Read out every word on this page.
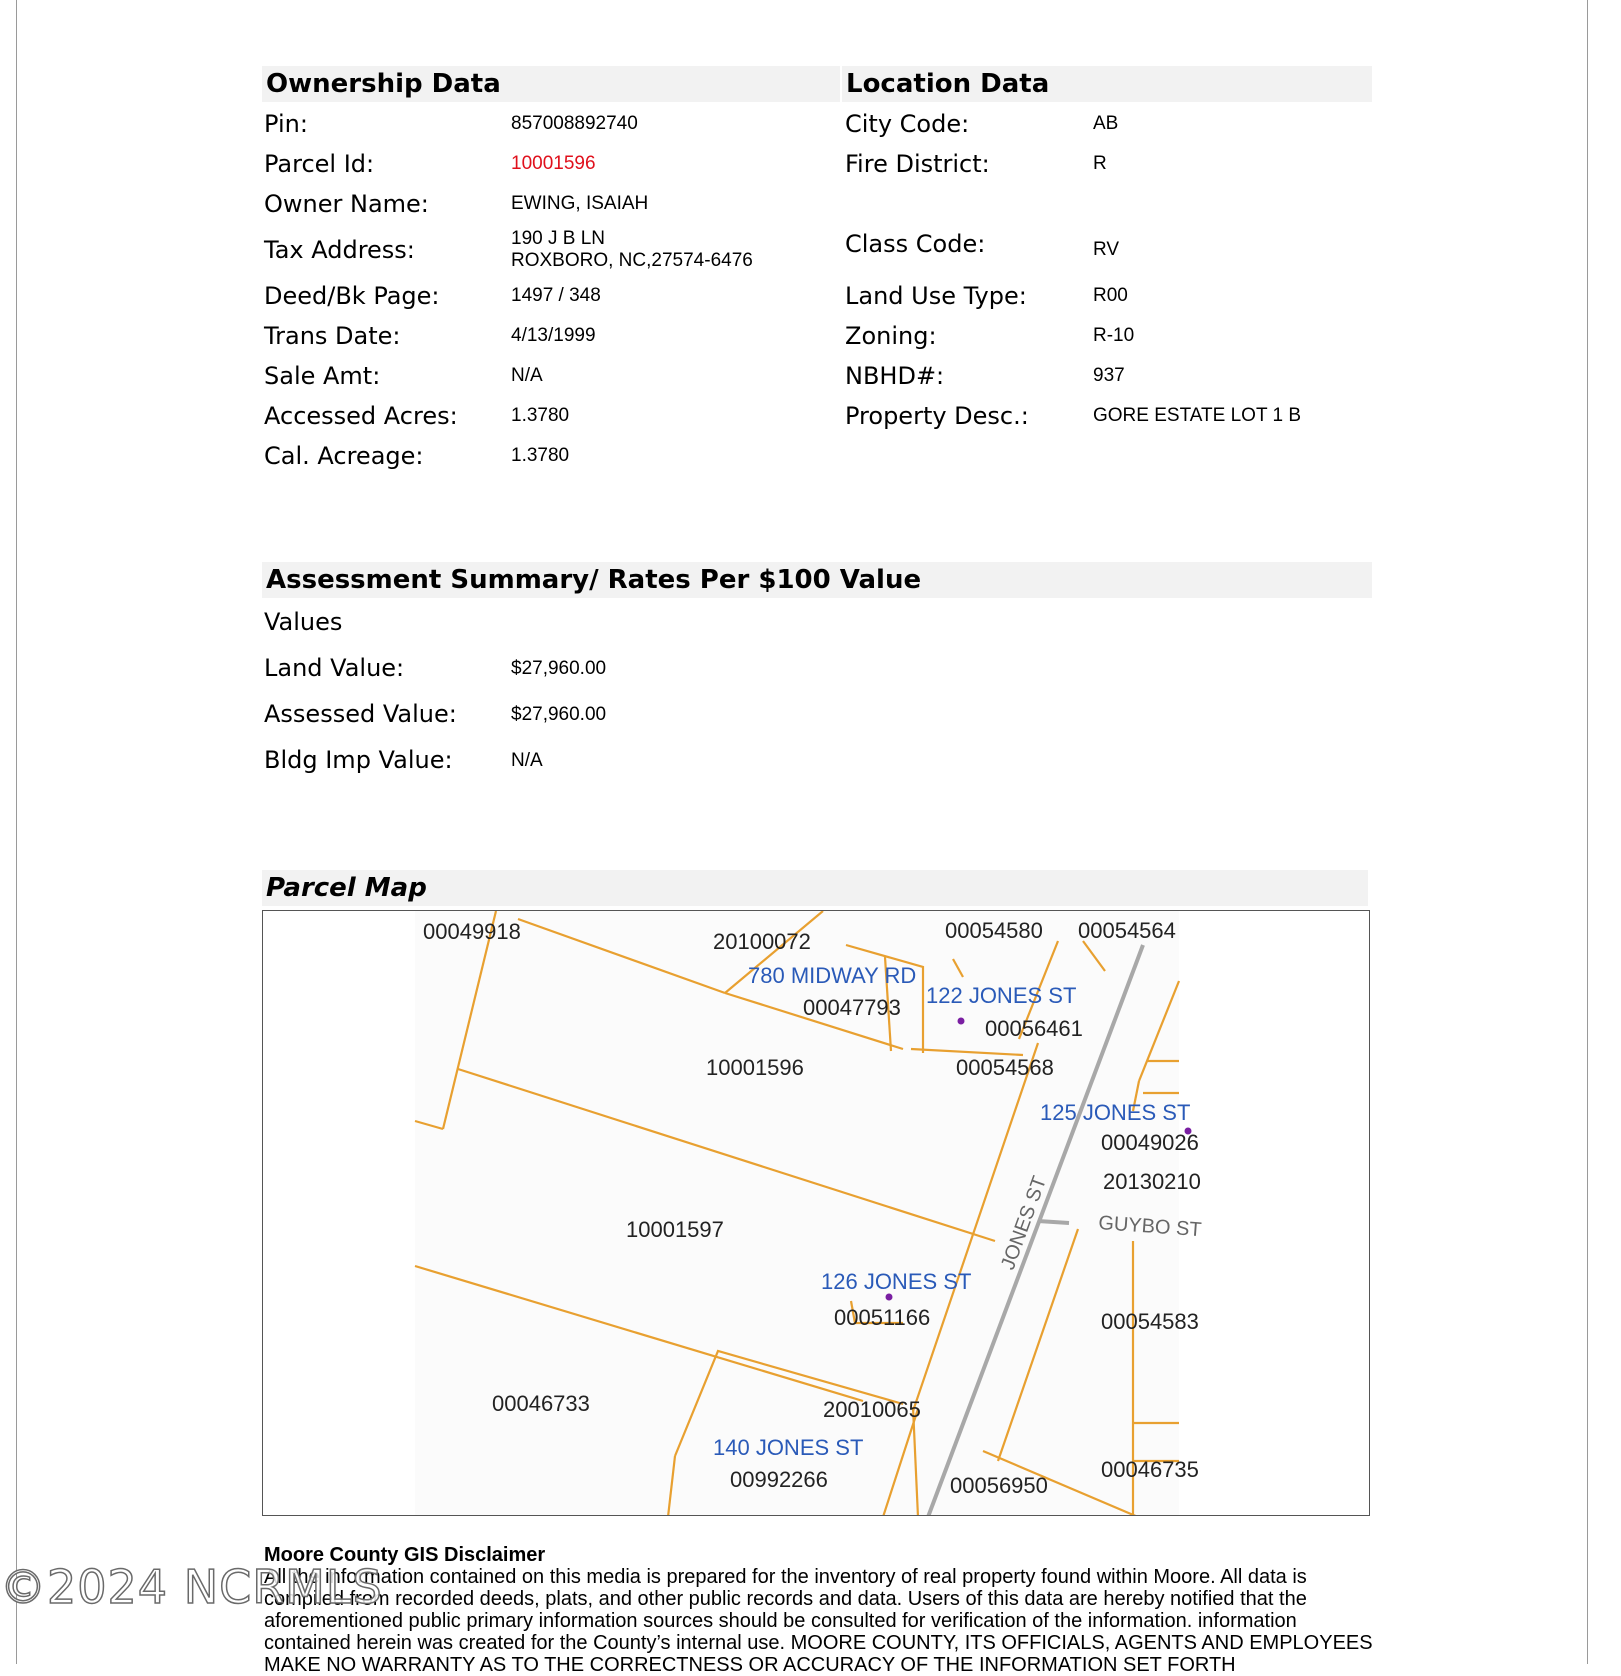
Ownership Data	Location Data
Pin:	857008892740
Parcel Id:	10001596
Owner Name:	EWING, ISAIAH
Tax Address:	190 J B LN
ROXBORO, NC,27574-6476
Deed/Bk Page:	1497 / 348
Trans Date:	4/13/1999
Sale Amt:	N/A
Accessed Acres:	1.3780
Cal. Acreage:	1.3780
City Code:	AB
Fire District:	R
Class Code:	RV
Land Use Type:	R00
Zoning:	R-10
NBHD#:	937
Property Desc.:	GORE ESTATE LOT 1 B
Assessment Summary/ Rates Per $100 Value
Values
Land Value:	$27,960.00
Assessed Value:	$27,960.00
Bldg Imp Value:	N/A
Parcel Map
00049918	20100072	00054580 00054564
00047793
00056461
10001596	00054568
00049026
20130210
10001597
00051166	00054583
00046733	20010065
00992266	00056950
00046735
780 MIDWAY RD
122 JONES ST
125 JONES ST
126 JONES ST
140 JONES ST
JONES ST GUYBO ST
Moore County GIS Disclaimer
All the information contained on this media is prepared for the inventory of real property found within Moore. All data is compiled from recorded deeds, plats, and other public records and data. Users of this data are hereby notified that the aforementioned public primary information sources should be consulted for verification of the information. information contained herein was created for the County’s internal use. MOORE COUNTY, ITS OFFICIALS, AGENTS AND EMPLOYEES MAKE NO WARRANTY AS TO THE CORRECTNESS OR ACCURACY OF THE INFORMATION SET FORTH
©2024 NCRMLS
